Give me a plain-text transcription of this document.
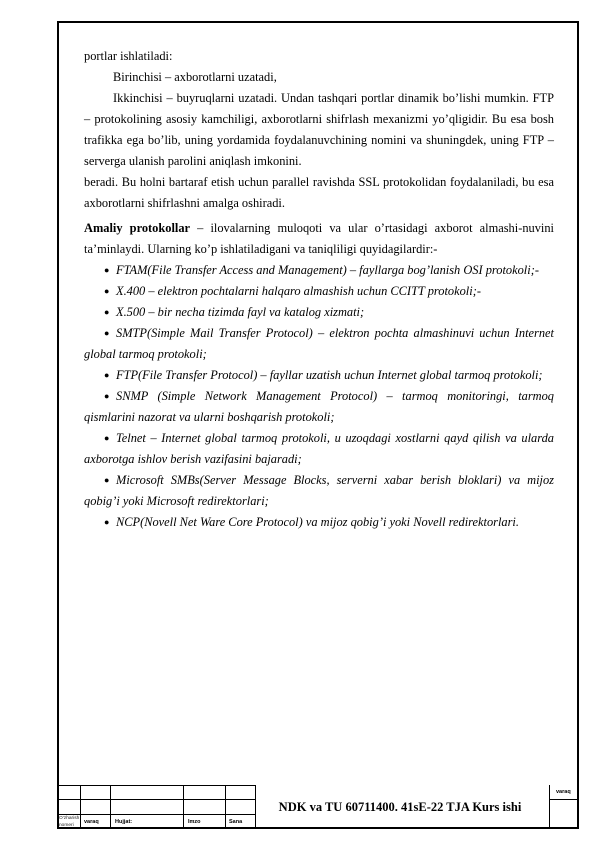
portlar ishlatiladi:

Birinchisi – axborotlarni uzatadi,

Ikkinchisi – buyruqlarni uzatadi. Undan tashqari portlar dinamik bo’lishi mumkin. FTP – protokolining asosiy kamchiligi, axborotlarni shifrlash mexanizmi yo’qligidir. Bu esa bosh trafikka ega bo’lib, uning yordamida foydalanuvchining nomini va shuningdek, uning FTP – serverga ulanish parolini aniqlash imkonini.

beradi. Bu holni bartaraf etish uchun parallel ravishda SSL protokolidan foydalaniladi, bu esa axborotlarni shifrlashni amalga oshiradi.

Amaliy protokollar – ilovalarning muloqoti va ular o’rtasidagi axborot almashi-nuvini ta’minlaydi. Ularning ko’p ishlatiladigani va taniqliligi quyidagilardir:-

● FTAM(File Transfer Access and Management) – fayllarga bog’lanish OSI protokoli;-
● X.400 – elektron pochtalarni halqaro almashish uchun CCITT protokoli;-
● X.500 – bir necha tizimda fayl va katalog xizmati;
● SMTP(Simple Mail Transfer Protocol) – elektron pochta almashinuvi uchun Internet global tarmoq protokoli;
● FTP(File Transfer Protocol) – fayllar uzatish uchun Internet global tarmoq protokoli;
● SNMP (Simple Network Management Protocol) – tarmoq monitoringi, tarmoq qismlarini nazorat va ularni boshqarish protokoli;
● Telnet – Internet global tarmoq protokoli, u uzoqdagi xostlarni qayd qilish va ularda axborotga ishlov berish vazifasini bajaradi;
● Microsoft SMBs(Server Message Blocks, serverni xabar berish bloklari) va mijoz qobig’i yoki Microsoft redirektorlari;
● NCP(Novell Net Ware Core Protocol) va mijoz qobig’i yoki Novell redirektorlari.
NDK va TU 60711400. 41sE-22 TJA Kurs ishi
varaq
O’zharish
nomeri
varaq	Hujjat:	Imzo	Sana
